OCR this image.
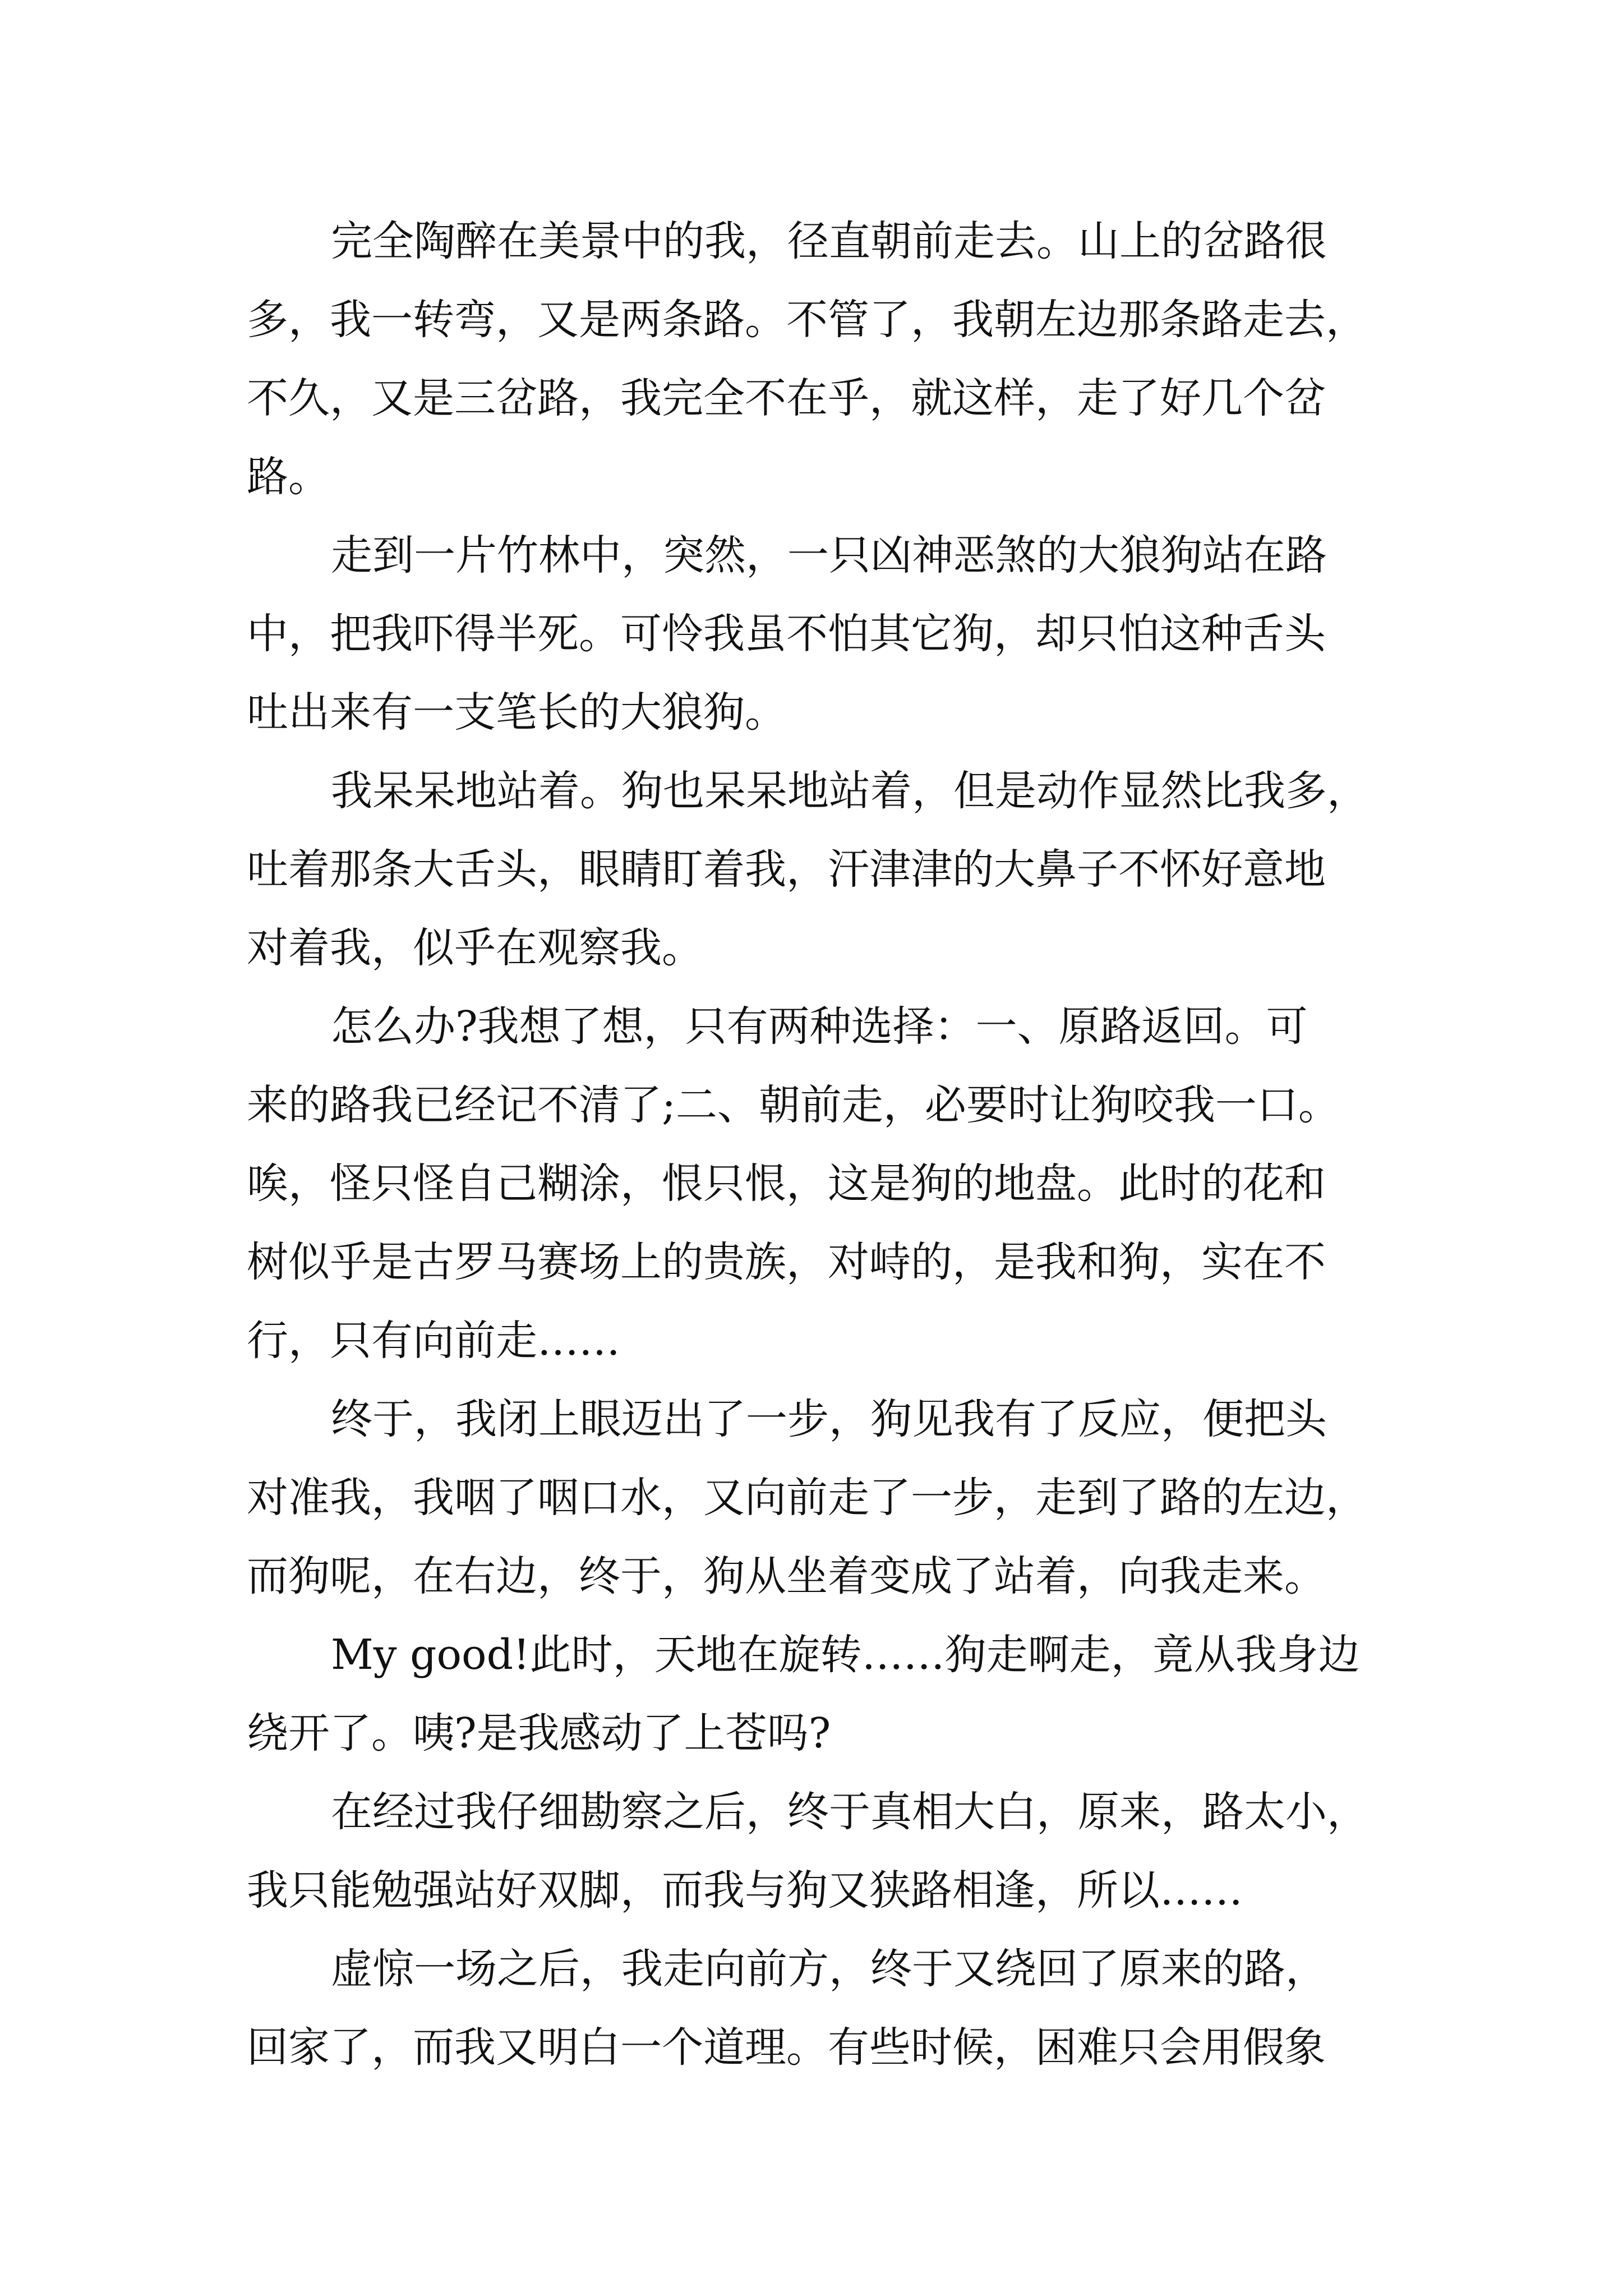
完全陶醉在美景中的我，径直朝前走去。山上的岔路很
多，我一转弯，又是两条路。不管了，我朝左边那条路走去，
不久，又是三岔路，我完全不在乎，就这样，走了好几个岔
路。
走到一片竹林中，突然，一只凶神恶煞的大狼狗站在路
中，把我吓得半死。可怜我虽不怕其它狗，却只怕这种舌头
吐出来有一支笔长的大狼狗。
我呆呆地站着。狗也呆呆地站着，但是动作显然比我多，
吐着那条大舌头，眼睛盯着我，汗津津的大鼻子不怀好意地
对着我，似乎在观察我。
怎么办?我想了想，只有两种选择：一、原路返回。可
来的路我已经记不清了;二、朝前走，必要时让狗咬我一口。
唉，怪只怪自己糊涂，恨只恨，这是狗的地盘。此时的花和
树似乎是古罗马赛场上的贵族，对峙的，是我和狗，实在不
行，只有向前走……
终于，我闭上眼迈出了一步，狗见我有了反应，便把头
对准我，我咽了咽口水，又向前走了一步，走到了路的左边，
而狗呢，在右边，终于，狗从坐着变成了站着，向我走来。
My good!此时，天地在旋转……狗走啊走，竟从我身边
绕开了。咦?是我感动了上苍吗?
在经过我仔细勘察之后，终于真相大白，原来，路太小，
我只能勉强站好双脚，而我与狗又狭路相逢，所以……
虚惊一场之后，我走向前方，终于又绕回了原来的路，
回家了，而我又明白一个道理。有些时候，困难只会用假象
